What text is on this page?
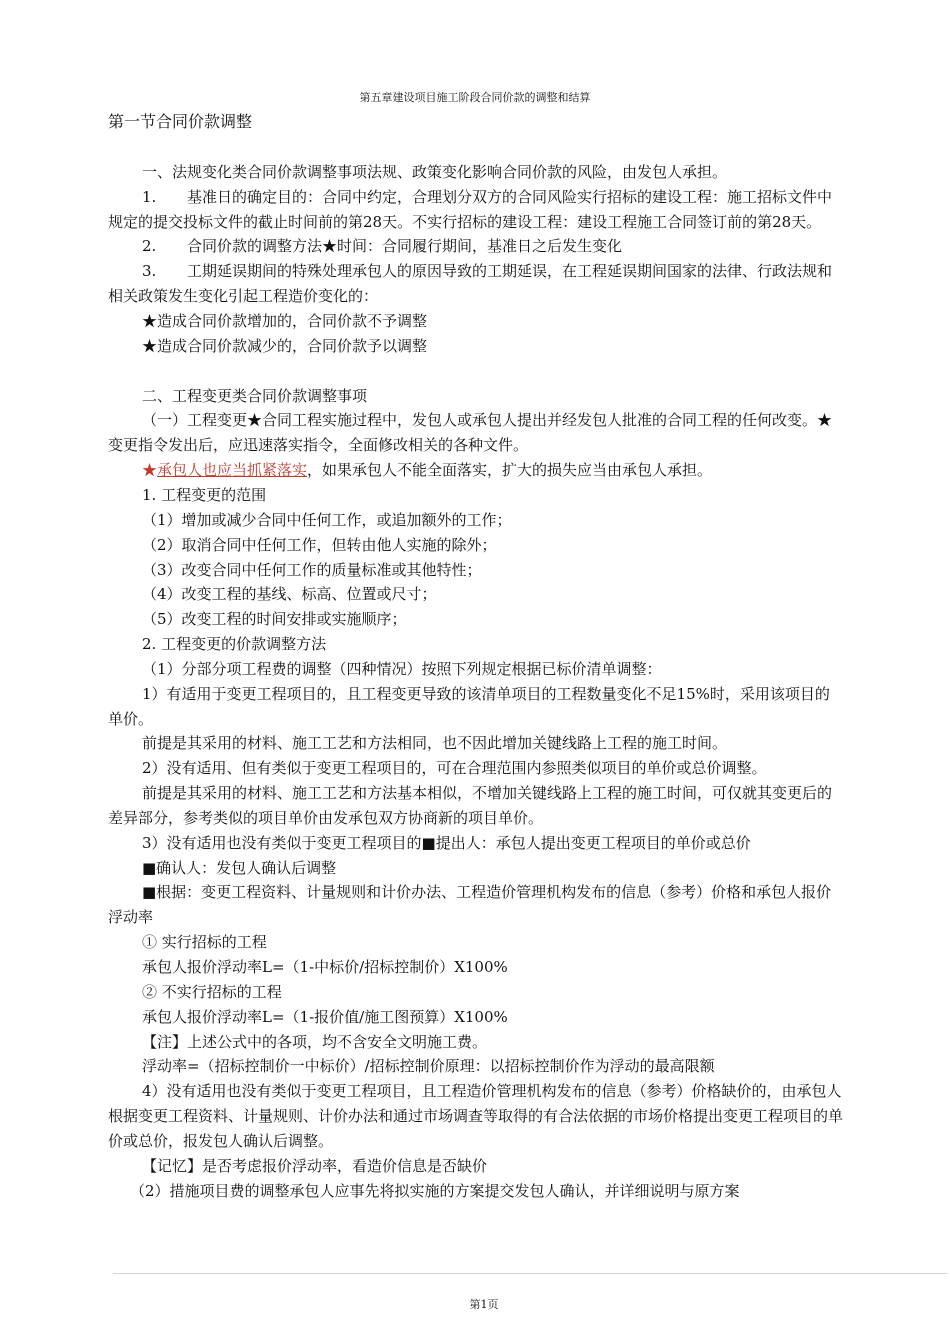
第五章建设项目施工阶段合同价款的调整和结算

第一节合同价款调整

一、法规变化类合同价款调整事项法规、政策变化影响合同价款的风险，由发包人承担。

1. 基准日的确定目的：合同中约定，合理划分双方的合同风险实行招标的建设工程：施工招标文件中规定的提交投标文件的截止时间前的第28天。不实行招标的建设工程：建设工程施工合同签订前的第28天。

2. 合同价款的调整方法★时间：合同履行期间，基准日之后发生变化

3. 工期延误期间的特殊处理承包人的原因导致的工期延误，在工程延误期间国家的法律、行政法规和相关政策发生变化引起工程造价变化的：

★造成合同价款增加的，合同价款不予调整

★造成合同价款减少的，合同价款予以调整

二、工程变更类合同价款调整事项

（一）工程变更★合同工程实施过程中，发包人或承包人提出并经发包人批准的合同工程的任何改变。★变更指令发出后，应迅速落实指令，全面修改相关的各种文件。

★承包人也应当抓紧落实，如果承包人不能全面落实，扩大的损失应当由承包人承担。

1. 工程变更的范围

（1）增加或减少合同中任何工作，或追加额外的工作；

（2）取消合同中任何工作，但转由他人实施的除外；

（3）改变合同中任何工作的质量标准或其他特性；

（4）改变工程的基线、标高、位置或尺寸；

（5）改变工程的时间安排或实施顺序；

2. 工程变更的价款调整方法

（1）分部分项工程费的调整（四种情况）按照下列规定根据已标价清单调整：

1）有适用于变更工程项目的，且工程变更导致的该清单项目的工程数量变化不足15%时，采用该项目的单价。

前提是其采用的材料、施工工艺和方法相同，也不因此增加关键线路上工程的施工时间。

2）没有适用、但有类似于变更工程项目的，可在合理范围内参照类似项目的单价或总价调整。

前提是其采用的材料、施工工艺和方法基本相似，不增加关键线路上工程的施工时间，可仅就其变更后的差异部分，参考类似的项目单价由发承包双方协商新的项目单价。

3）没有适用也没有类似于变更工程项目的■提出人：承包人提出变更工程项目的单价或总价

■确认人：发包人确认后调整

■根据：变更工程资料、计量规则和计价办法、工程造价管理机构发布的信息（参考）价格和承包人报价浮动率

① 实行招标的工程

承包人报价浮动率L=（1-中标价/招标控制价）X100%

② 不实行招标的工程

承包人报价浮动率L=（1-报价值/施工图预算）X100%

【注】上述公式中的各项，均不含安全文明施工费。

浮动率=（招标控制价一中标价）/招标控制价原理：以招标控制价作为浮动的最高限额

4）没有适用也没有类似于变更工程项目，且工程造价管理机构发布的信息（参考）价格缺价的，由承包人根据变更工程资料、计量规则、计价办法和通过市场调查等取得的有合法依据的市场价格提出变更工程项目的单价或总价，报发包人确认后调整。

【记忆】是否考虑报价浮动率，看造价信息是否缺价

（2）措施项目费的调整承包人应事先将拟实施的方案提交发包人确认，并详细说明与原方案

第1页
